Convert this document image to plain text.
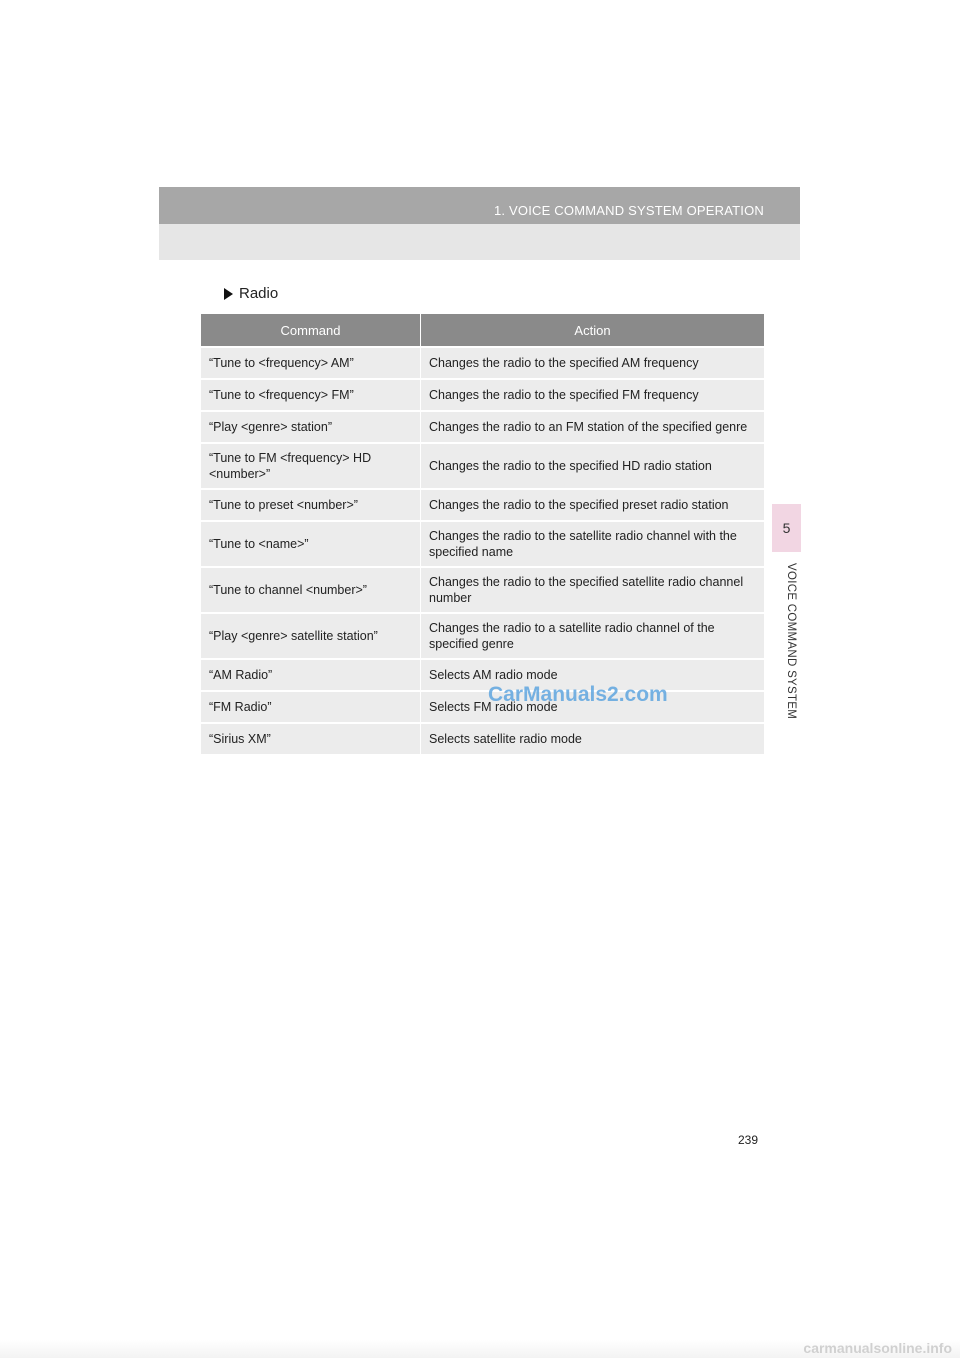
1. VOICE COMMAND SYSTEM OPERATION
Radio
Command	Action
“Tune to <frequency> AM”	Changes the radio to the specified AM frequency
“Tune to <frequency> FM”	Changes the radio to the specified FM frequency
“Play <genre> station”	Changes the radio to an FM station of the specified genre
“Tune to FM <frequency> HD <number>”	Changes the radio to the specified HD radio station
“Tune to preset <number>”	Changes the radio to the specified preset radio station
“Tune to <name>”	Changes the radio to the satellite radio channel with the specified name
“Tune to channel <number>”	Changes the radio to the specified satellite radio channel number
“Play <genre> satellite station”	Changes the radio to a satellite radio channel of the specified genre
“AM Radio”	Selects AM radio mode
“FM Radio”	Selects FM radio mode
“Sirius XM”	Selects satellite radio mode
5
VOICE COMMAND SYSTEM
CarManuals2.com
239
carmanualsonline.info
